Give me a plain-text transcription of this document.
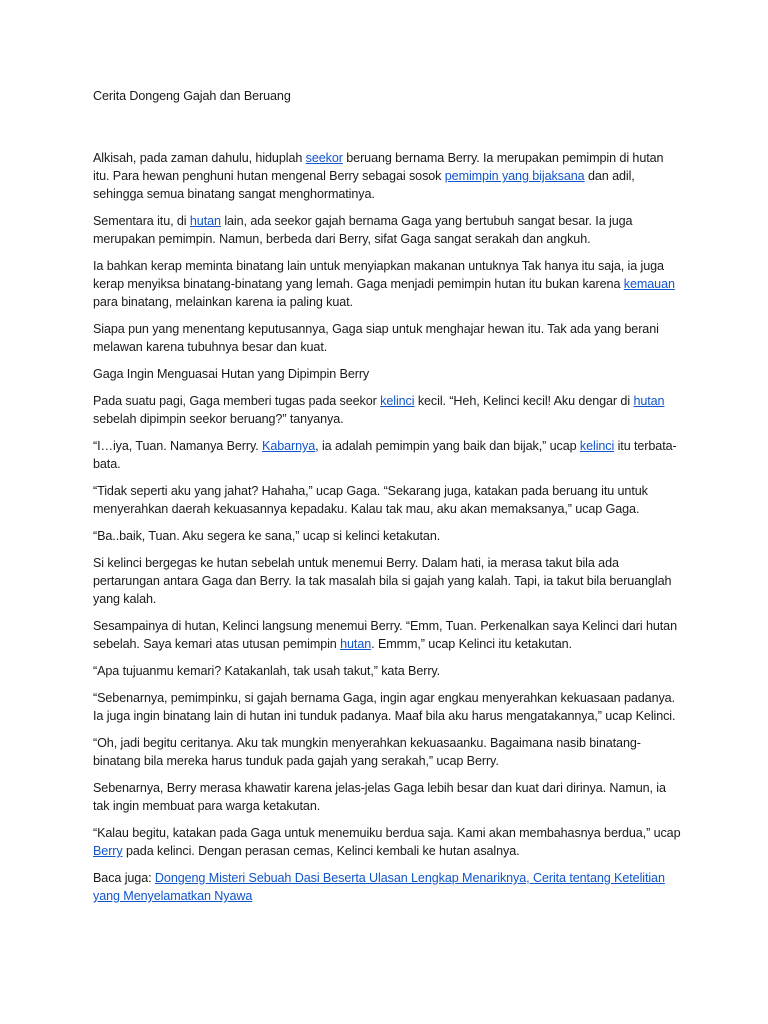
Cerita Dongeng Gajah dan Beruang

Alkisah, pada zaman dahulu, hiduplah seekor beruang bernama Berry. Ia merupakan pemimpin di hutan itu. Para hewan penghuni hutan mengenal Berry sebagai sosok pemimpin yang bijaksana dan adil, sehingga semua binatang sangat menghormatinya.

Sementara itu, di hutan lain, ada seekor gajah bernama Gaga yang bertubuh sangat besar. Ia juga merupakan pemimpin. Namun, berbeda dari Berry, sifat Gaga sangat serakah dan angkuh.

Ia bahkan kerap meminta binatang lain untuk menyiapkan makanan untuknya Tak hanya itu saja, ia juga kerap menyiksa binatang-binatang yang lemah. Gaga menjadi pemimpin hutan itu bukan karena kemauan para binatang, melainkan karena ia paling kuat.

Siapa pun yang menentang keputusannya, Gaga siap untuk menghajar hewan itu. Tak ada yang berani melawan karena tubuhnya besar dan kuat.

Gaga Ingin Menguasai Hutan yang Dipimpin Berry

Pada suatu pagi, Gaga memberi tugas pada seekor kelinci kecil. “Heh, Kelinci kecil! Aku dengar di hutan sebelah dipimpin seekor beruang?” tanyanya.

“I…iya, Tuan. Namanya Berry. Kabarnya, ia adalah pemimpin yang baik dan bijak,” ucap kelinci itu terbata-bata.

“Tidak seperti aku yang jahat? Hahaha,” ucap Gaga. “Sekarang juga, katakan pada beruang itu untuk menyerahkan daerah kekuasannya kepadaku. Kalau tak mau, aku akan memaksanya,” ucap Gaga.

“Ba..baik, Tuan. Aku segera ke sana,” ucap si kelinci ketakutan.

Si kelinci bergegas ke hutan sebelah untuk menemui Berry. Dalam hati, ia merasa takut bila ada pertarungan antara Gaga dan Berry. Ia tak masalah bila si gajah yang kalah. Tapi, ia takut bila beruanglah yang kalah.

Sesampainya di hutan, Kelinci langsung menemui Berry. “Emm, Tuan. Perkenalkan saya Kelinci dari hutan sebelah. Saya kemari atas utusan pemimpin hutan. Emmm,” ucap Kelinci itu ketakutan.

“Apa tujuanmu kemari? Katakanlah, tak usah takut,” kata Berry.

“Sebenarnya, pemimpinku, si gajah bernama Gaga, ingin agar engkau menyerahkan kekuasaan padanya. Ia juga ingin binatang lain di hutan ini tunduk padanya. Maaf bila aku harus mengatakannya,” ucap Kelinci.

“Oh, jadi begitu ceritanya. Aku tak mungkin menyerahkan kekuasaanku. Bagaimana nasib binatang-binatang bila mereka harus tunduk pada gajah yang serakah,” ucap Berry.

Sebenarnya, Berry merasa khawatir karena jelas-jelas Gaga lebih besar dan kuat dari dirinya. Namun, ia tak ingin membuat para warga ketakutan.

“Kalau begitu, katakan pada Gaga untuk menemuiku berdua saja. Kami akan membahasnya berdua,” ucap Berry pada kelinci. Dengan perasan cemas, Kelinci kembali ke hutan asalnya.

Baca juga: Dongeng Misteri Sebuah Dasi Beserta Ulasan Lengkap Menariknya, Cerita tentang Ketelitian yang Menyelamatkan Nyawa
